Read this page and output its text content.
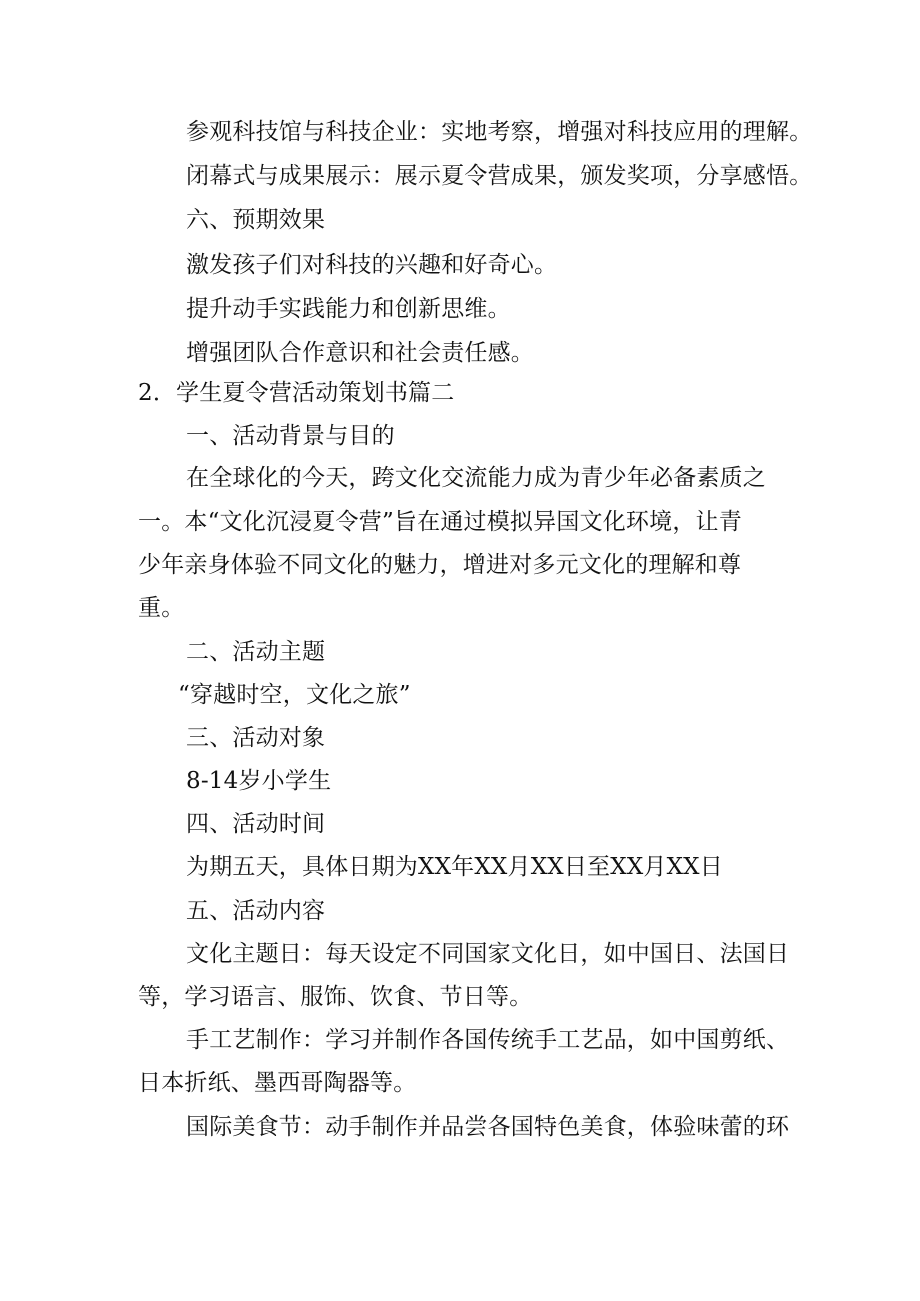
参观科技馆与科技企业：实地考察，增强对科技应用的理解。

闭幕式与成果展示：展示夏令营成果，颁发奖项，分享感悟。

六、预期效果

激发孩子们对科技的兴趣和好奇心。

提升动手实践能力和创新思维。

增强团队合作意识和社会责任感。

2．学生夏令营活动策划书篇二

一、活动背景与目的

在全球化的今天，跨文化交流能力成为青少年必备素质之

一。本“文化沉浸夏令营”旨在通过模拟异国文化环境，让青

少年亲身体验不同文化的魅力，增进对多元文化的理解和尊

重。

二、活动主题

“穿越时空，文化之旅”

三、活动对象

8-14岁小学生

四、活动时间

为期五天，具体日期为XX年XX月XX日至XX月XX日

五、活动内容

文化主题日：每天设定不同国家文化日，如中国日、法国日

等，学习语言、服饰、饮食、节日等。

手工艺制作：学习并制作各国传统手工艺品，如中国剪纸、

日本折纸、墨西哥陶器等。

国际美食节：动手制作并品尝各国特色美食，体验味蕾的环
